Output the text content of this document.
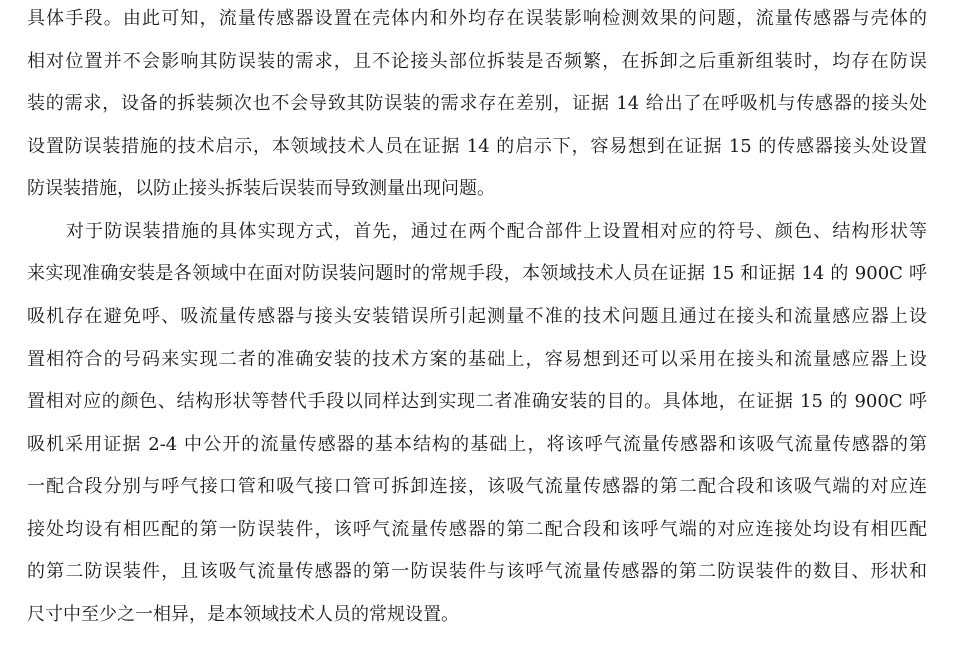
具体手段。由此可知，流量传感器设置在壳体内和外均存在误装影响检测效果的问题，流量传感器与壳体的
相对位置并不会影响其防误装的需求，且不论接头部位拆装是否频繁，在拆卸之后重新组装时，均存在防误
装的需求，设备的拆装频次也不会导致其防误装的需求存在差别，证据 14 给出了在呼吸机与传感器的接头处
设置防误装措施的技术启示，本领域技术人员在证据 14 的启示下，容易想到在证据 15 的传感器接头处设置
防误装措施，以防止接头拆装后误装而导致测量出现问题。
对于防误装措施的具体实现方式，首先，通过在两个配合部件上设置相对应的符号、颜色、结构形状等
来实现准确安装是各领域中在面对防误装问题时的常规手段，本领域技术人员在证据 15 和证据 14 的 900C 呼
吸机存在避免呼、吸流量传感器与接头安装错误所引起测量不准的技术问题且通过在接头和流量感应器上设
置相符合的号码来实现二者的准确安装的技术方案的基础上，容易想到还可以采用在接头和流量感应器上设
置相对应的颜色、结构形状等替代手段以同样达到实现二者准确安装的目的。具体地，在证据 15 的 900C 呼
吸机采用证据 2-4 中公开的流量传感器的基本结构的基础上，将该呼气流量传感器和该吸气流量传感器的第
一配合段分别与呼气接口管和吸气接口管可拆卸连接，该吸气流量传感器的第二配合段和该吸气端的对应连
接处均设有相匹配的第一防误装件，该呼气流量传感器的第二配合段和该呼气端的对应连接处均设有相匹配
的第二防误装件，且该吸气流量传感器的第一防误装件与该呼气流量传感器的第二防误装件的数目、形状和
尺寸中至少之一相异，是本领域技术人员的常规设置。
